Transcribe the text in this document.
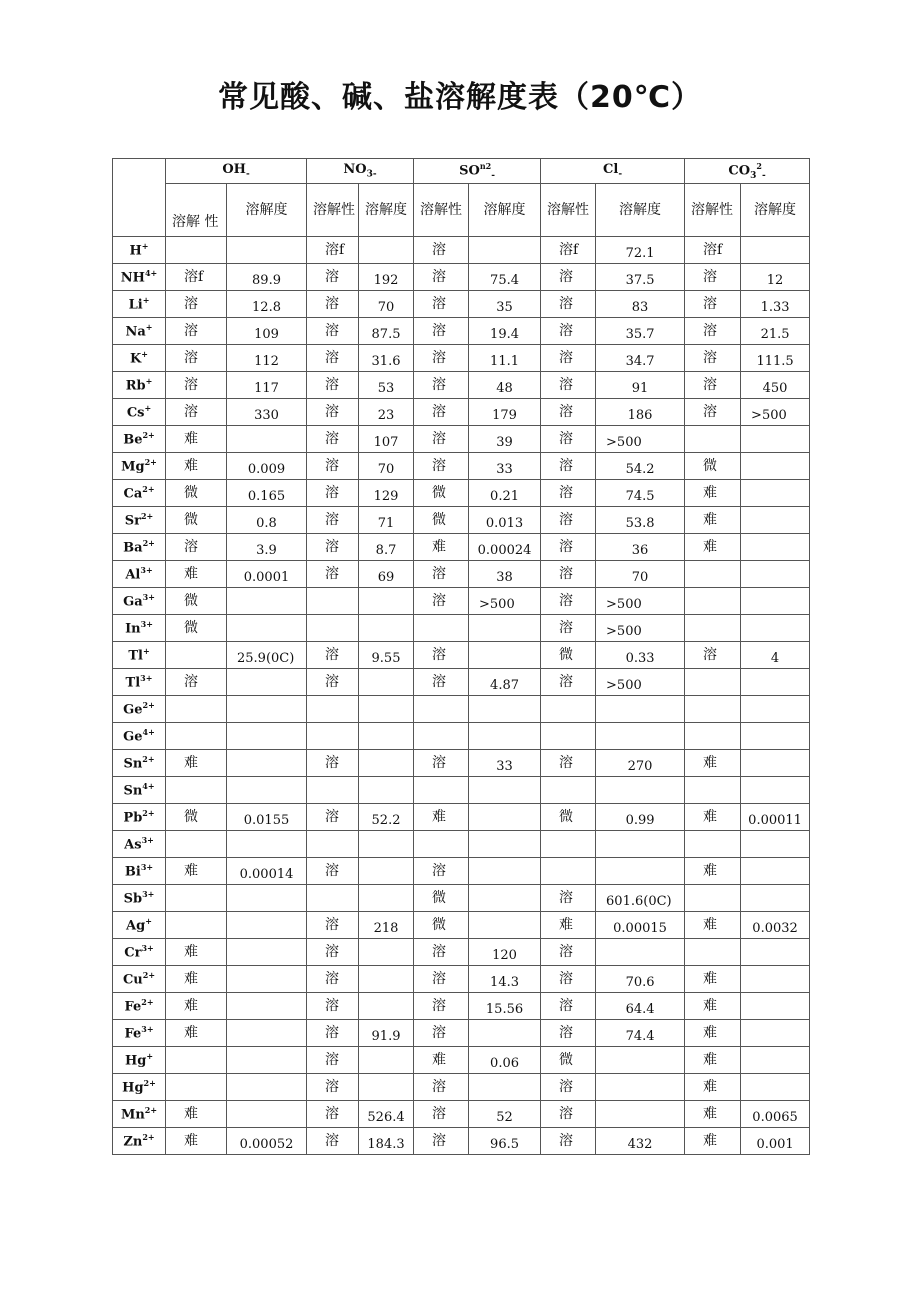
常见酸、碱、盐溶解度表（20℃）
	$OH_-$		$NO_{3-}$		$SO^{n2}_-$		$Cl_-$		$CO_3^2_-$
	溶解 性	溶解度	溶解性	溶解度	溶解性	溶解度	溶解性	溶解度	溶解性	溶解度
H+			溶f		溶		溶f	72.1	溶f	
$NH^{4+}$	溶f	89.9	溶	192	溶	75.4	溶	37.5	溶	12
Li+	溶	12.8	溶	70	溶	35	溶	83	溶	1.33
Na+	溶	109	溶	87.5	溶	19.4	溶	35.7	溶	21.5
K+	溶	112	溶	31.6	溶	11.1	溶	34.7	溶	111.5
Rb+	溶	117	溶	53	溶	48	溶	91	溶	450
Cs+	溶	330	溶	23	溶	179	溶	186	溶	>500
$Be^{2+}$	难		溶	107	溶	39	溶	>500		
$Mg^{2+}$	难	0.009	溶	70	溶	33	溶	54.2	微	
$Ca^{2+}$	微	0.165	溶	129	微	0.21	溶	74.5	难	
$Sr^{2+}$	微	0.8	溶	71	微	0.013	溶	53.8	难	
$Ba^{2+}$	溶	3.9	溶	8.7	难	0.00024	溶	36	难	
$Al^{3+}$	难	0.0001	溶	69	溶	38	溶	70		
$Ga^{3+}$	微				溶	>500	溶	>500		
$In^{3+}$	微						溶	>500		
Tl+		25.9(0C)	溶	9.55	溶		微	0.33	溶	4
$Tl^{3+}$	溶		溶		溶	4.87	溶	>500		
$Ge^{2+}$										
$Ge^{4+}$										
$Sn^{2+}$	难		溶		溶	33	溶	270	难	
$Sn^{4+}$										
$Pb^{2+}$	微	0.0155	溶	52.2	难		微	0.99	难	0.00011
$As^{3+}$										
$Bi^{3+}$	难	0.00014	溶		溶				难	
$Sb^{3+}$					微		溶	601.6(0C)		
Ag+			溶	218	微		难	0.00015	难	0.0032
$Cr^{3+}$	难		溶		溶	120	溶			
$Cu^{2+}$	难		溶		溶	14.3	溶	70.6	难	
$Fe^{2+}$	难		溶		溶	15.56	溶	64.4	难	
$Fe^{3+}$	难		溶	91.9	溶		溶	74.4	难	
Hg+			溶		难	0.06	微		难	
$Hg^{2+}$			溶		溶		溶		难	
$Mn^{2+}$	难		溶	526.4	溶	52	溶		难	0.0065
$Zn^{2+}$	难	0.00052	溶	184.3	溶	96.5	溶	432	难	0.001
